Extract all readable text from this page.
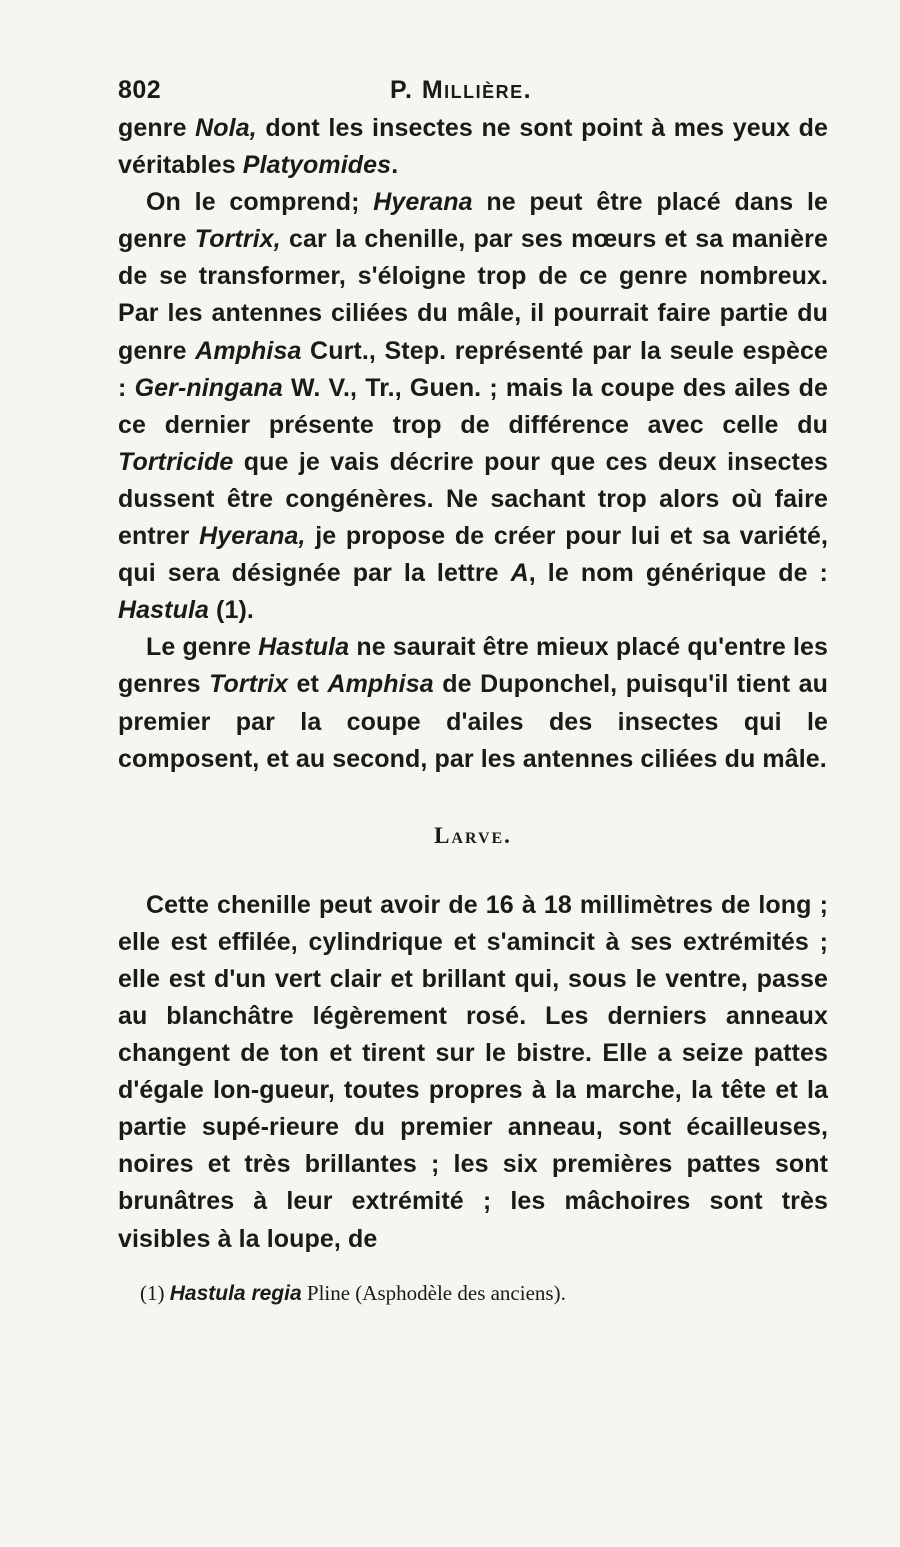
802	P. Millière.

genre Nola, dont les insectes ne sont point à mes yeux de véritables Platyomides.

On le comprend; Hyerana ne peut être placé dans le genre Tortrix, car la chenille, par ses mœurs et sa manière de se transformer, s'éloigne trop de ce genre nombreux. Par les antennes ciliées du mâle, il pourrait faire partie du genre Amphisa Curt., Step. représenté par la seule espèce : Ger-ningana W. V., Tr., Guen. ; mais la coupe des ailes de ce dernier présente trop de différence avec celle du Tortricide que je vais décrire pour que ces deux insectes dussent être congénères. Ne sachant trop alors où faire entrer Hyerana, je propose de créer pour lui et sa variété, qui sera désignée par la lettre A, le nom générique de : Hastula (1).

Le genre Hastula ne saurait être mieux placé qu'entre les genres Tortrix et Amphisa de Duponchel, puisqu'il tient au premier par la coupe d'ailes des insectes qui le composent, et au second, par les antennes ciliées du mâle.

Larve.

Cette chenille peut avoir de 16 à 18 millimètres de long ; elle est effilée, cylindrique et s'amincit à ses extrémités ; elle est d'un vert clair et brillant qui, sous le ventre, passe au blanchâtre légèrement rosé. Les derniers anneaux changent de ton et tirent sur le bistre. Elle a seize pattes d'égale lon-gueur, toutes propres à la marche, la tête et la partie supé-rieure du premier anneau, sont écailleuses, noires et très brillantes ; les six premières pattes sont brunâtres à leur extrémité ; les mâchoires sont très visibles à la loupe, de

(1) Hastula regia Pline (Asphodèle des anciens).
